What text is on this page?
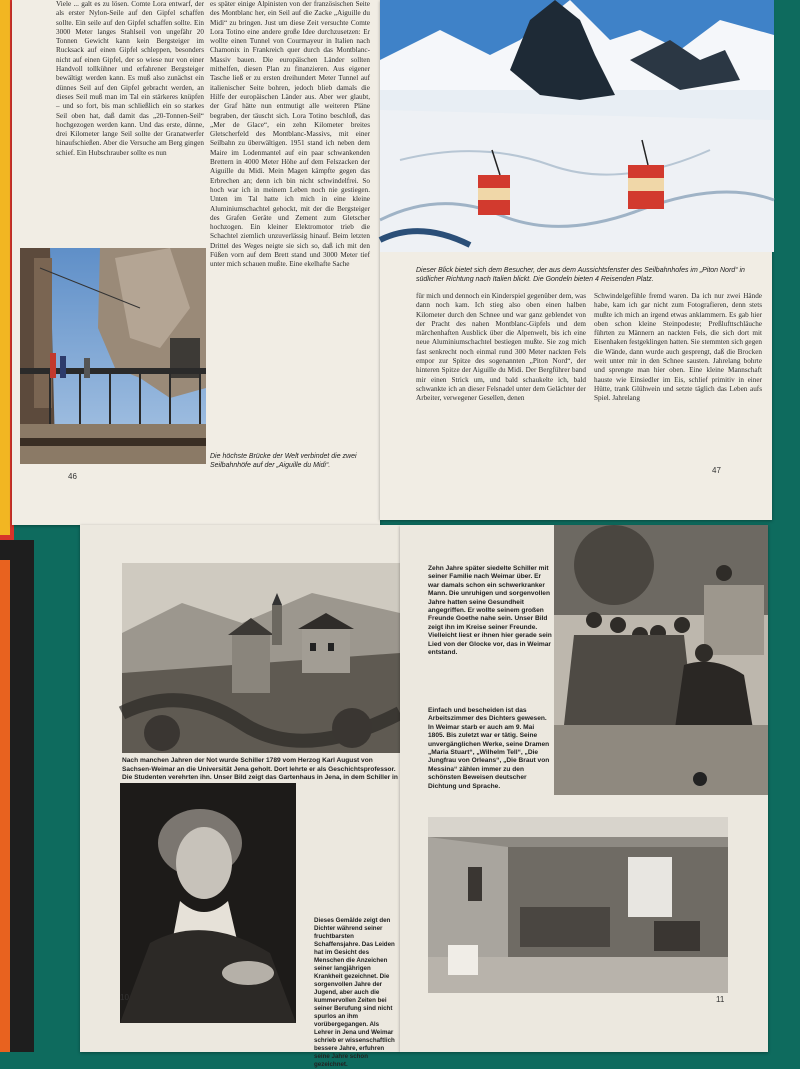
Viele ... galt es zu lösen. Comte Lora entwarf, der als erster Nylon-Seile auf den Gipfel schaffen sollte. Ein seile auf den Gipfel schaffen sollte. Ein 3000 Meter langes Stahlseil von ungefähr 20 Tonnen Gewicht kann kein Bergsteiger im Rucksack auf einen Gipfel schleppen, besonders nicht auf einen Gipfel, der so wiese nur von einer Handvoll tollkühner und erfahrener Bergsteiger bewältigt werden kann. Es muß also zunächst ein dünnes Seil auf den Gipfel gebracht werden, an dieses Seil muß man im Tal ein stärkeres knüpfen – und so fort, bis man schließlich ein so starkes Seil oben hat, daß damit das „20-Tonnen-Seil“ hochgezogen werden kann. Und das erste, dünne, drei Kilometer lange Seil sollte der Granatwerfer hinaufschießen. Aber die Versuche am Berg gingen schief. Ein Hubschrauber sollte es nun
es später einige Alpinisten von der französischen Seite des Montblanc her, ein Seil auf die Zacke „Aiguille du Midi“ zu bringen. Just um diese Zeit versuchte Comte Lora Totino eine andere große Idee durchzusetzen: Er wollte einen Tunnel von Courmayeur in Italien nach Chamonix in Frankreich quer durch das Montblanc-Massiv bauen. Die europäischen Länder sollten mithelfen, diesen Plan zu finanzieren. Aus eigener Tasche ließ er zu ersten dreihundert Meter Tunnel auf italienischer Seite bohren, jedoch blieb damals die Hilfe der europäischen Länder aus. Aber wer glaubt, der Graf hätte nun entmutigt alle weiteren Pläne begraben, der täuscht sich. Lora Totino beschloß, das „Mer de Glace“, ein zehn Kilometer breites Gletscherfeld des Montblanc-Massivs, mit einer Seilbahn zu überwältigen. 1951 stand ich neben dem Maire im Lodenmantel auf ein paar schwankenden Brettern in 4000 Meter Höhe auf dem Felszacken der Aiguille du Midi. Mein Magen kämpfte gegen das Erbrechen an; denn ich bin nicht schwindelfrei. So hoch war ich in meinem Leben noch nie gestiegen. Unten im Tal hatte ich mich in eine kleine Aluminiumschachtel gehockt, mit der die Bergsteiger des Grafen Geräte und Zement zum Gletscher hochzogen. Ein kleiner Elektromotor trieb die Schachtel ziemlich unzuverlässig hinauf. Beim letzten Drittel des Weges neigte sie sich so, daß ich mit den Füßen vorn auf dem Brett stand und 3000 Meter tief unter mich schauen mußte. Eine ekelhafte Sache
Die höchste Brücke der Welt verbindet die zwei Seilbahnhöfe auf der „Aiguille du Midi“.
46
Dieser Blick bietet sich dem Besucher, der aus dem Aussichtsfenster des Seilbahnhofes im „Piton Nord“ in südlicher Richtung nach Italien blickt. Die Gondeln bieten 4 Reisenden Platz.
für mich und dennoch ein Kinderspiel gegenüber dem, was dann noch kam. Ich stieg also oben einen halben Kilometer durch den Schnee und war ganz geblendet von der Pracht des nahen Montblanc-Gipfels und dem märchenhaften Ausblick über die Alpenwelt, bis ich eine neue Aluminiumschachtel bestiegen mußte. Sie zog mich fast senkrecht noch einmal rund 300 Meter nackten Fels empor zur Spitze des sogenannten „Piton Nord“, der hinteren Spitze der Aiguille du Midi. Der Bergführer band mir einen Strick um, und bald schaukelte ich, bald schwankte ich an dieser Felsnadel unter dem Gelächter der Arbeiter, verwegener Gesellen, denen
Schwindelgefühle fremd waren. Da ich nur zwei Hände habe, kam ich gar nicht zum Fotografieren, denn stets mußte ich mich an irgend etwas anklammern. Es gab hier oben schon kleine Steinpodeste; Preßlufttschläuche führten zu Männern an nackten Fels, die sich dort mit Eisenhaken festgeklingen hatten. Sie stemmten sich gegen die Wände, dann wurde auch gesprengt, daß die Brocken weit unter mir in den Schnee sausten. Jahrelang bohrte und sprengte man hier oben. Eine kleine Mannschaft hauste wie Einsiedler im Eis, schlief primitiv in einer Hütte, trank Glühwein und setzte täglich das Leben aufs Spiel. Jahrelang
47
Nach manchen Jahren der Not wurde Schiller 1789 vom Herzog Karl August von Sachsen-Weimar an die Universität Jena geholt. Dort lehrte er als Geschichtsprofessor. Die Studenten verehrten ihn. Unser Bild zeigt das Gartenhaus in Jena, in dem Schiller in
Dieses Gemälde zeigt den Dichter während seiner fruchtbarsten Schaffensjahre. Das Leiden hat im Gesicht des Menschen die Anzeichen seiner langjährigen Krankheit gezeichnet. Die sorgenvollen Jahre der Jugend, aber auch die kummervollen Zeiten bei seiner Berufung sind nicht spurlos an ihm vorübergegangen. Als Lehrer in Jena und Weimar schrieb er wissenschaftlich bessere Jahre, erfuhren seine Jahre schon gezeichnet.
10
Zehn Jahre später siedelte Schiller mit seiner Familie nach Weimar über. Er war damals schon ein schwerkranker Mann. Die unruhigen und sorgenvollen Jahre hatten seine Gesundheit angegriffen. Er wollte seinem großen Freunde Goethe nahe sein. Unser Bild zeigt ihn im Kreise seiner Freunde. Vielleicht liest er ihnen hier gerade sein Lied von der Glocke vor, das in Weimar entstand.
Einfach und bescheiden ist das Arbeitszimmer des Dichters gewesen. In Weimar starb er auch am 9. Mai 1805. Bis zuletzt war er tätig. Seine unvergänglichen Werke, seine Dramen „Maria Stuart“, „Wilhelm Tell“, „Die Jungfrau von Orleans“, „Die Braut von Messina“ zählen immer zu den schönsten Beweisen deutscher Dichtung und Sprache.
11
